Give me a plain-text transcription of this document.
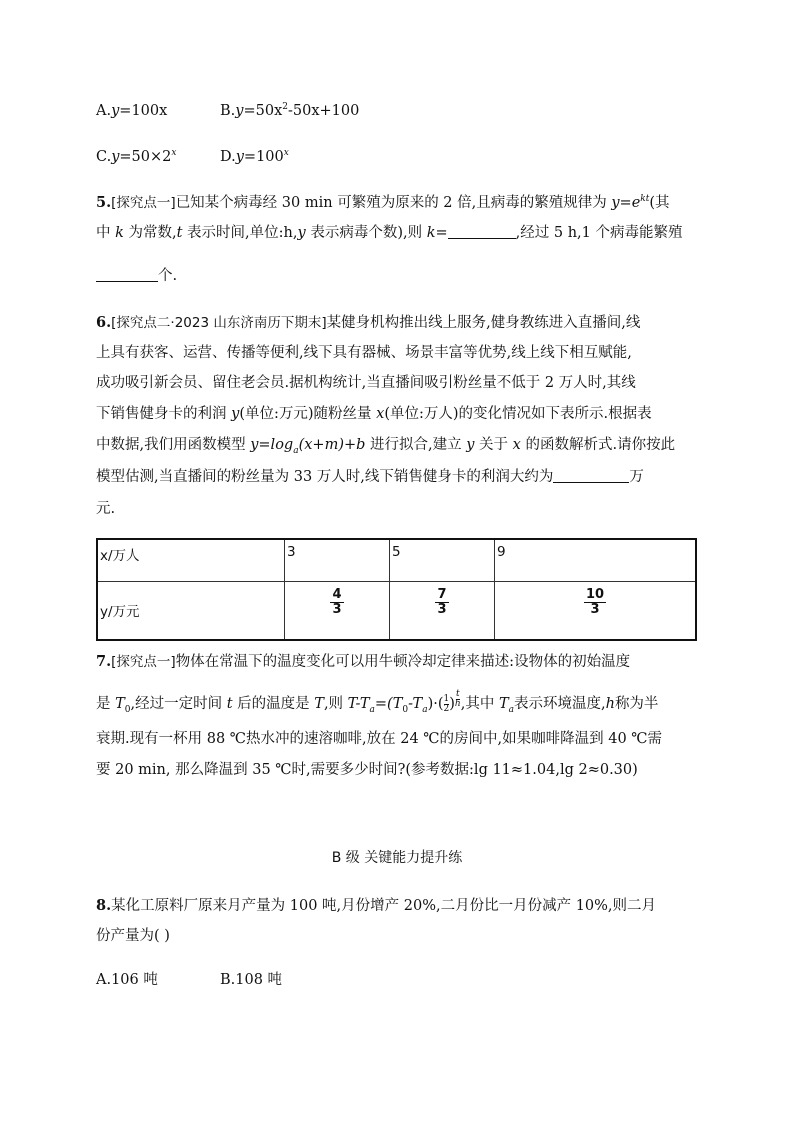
A.y=100x	$B.y=50x^2-50x+100$
$C.y=50\times 2^x$	$D.y=100^x$
5.[探究点一]已知某个病毒经 30 min 可繁殖为原来的 2 倍,且病毒的繁殖规律为 $y=e^{kt}$(其
中 k 为常数,t 表示时间,单位:h,y 表示病毒个数),则 k=	,经过 5 h,1 个病毒能繁殖
个.
6.[探究点二·2023 山东济南历下期末]某健身机构推出线上服务,健身教练进入直播间,线
上具有获客、运营、传播等便利,线下具有器械、场景丰富等优势,线上线下相互赋能,
成功吸引新会员、留住老会员.据机构统计,当直播间吸引粉丝量不低于 2 万人时,其线
下销售健身卡的利润 y(单位:万元)随粉丝量 x(单位:万人)的变化情况如下表所示.根据表
中数据,我们用函数模型 $y=\log_a(x+m)+b$ 进行拟合,建立 y 关于 x 的函数解析式.请你按此
模型估测,当直播间的粉丝量为 33 万人时,线下销售健身卡的利润大约为	万
元.
x/万人	3	5	9
y/万元	$\frac{4}{3}$	$\frac{7}{3}$	$\frac{10}{3}$
7.[探究点一]物体在常温下的温度变化可以用牛顿冷却定律来描述:设物体的初始温度
是 $T_0$,经过一定时间 t 后的温度是 T,则 $T-T_a=(T_0-T_a)\cdot( \frac{1}{2}$ ) $\frac{t}{h}$ ,其中 $T_a$表示环境温度,h称为半
衰期.现有一杯用 88 ℃热水冲的速溶咖啡,放在 24 ℃的房间中,如果咖啡降温到 40 ℃需
要 20 min, 那么降温到 35 ℃时,需要多少时间?(参考数据:lg 11≈1.04,lg 2≈0.30)
B 级 关键能力提升练
8.某化工原料厂原来月产量为 100 吨,月份增产 20%,二月份比一月份减产 10%,则二月
份产量为( )
A.106 吨	B.108 吨
